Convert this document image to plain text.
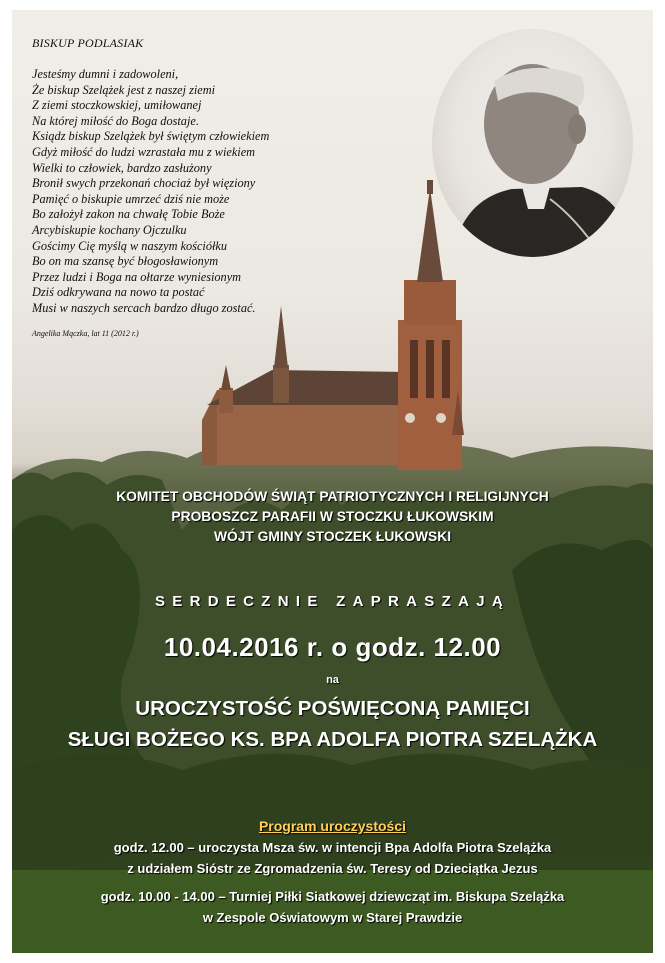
BISKUP PODLASIAK
Jesteśmy dumni i zadowoleni,
Że biskup Szelążek jest z naszej ziemi
Z ziemi stoczkowskiej, umiłowanej
Na której miłość do Boga dostaje.
Ksiądz biskup Szelążek był świętym człowiekiem
Gdyż miłość do ludzi wzrastała mu z wiekiem
Wielki to człowiek, bardzo zasłużony
Bronił swych przekonań chociaż był więziony
Pamięć o biskupie umrzeć dziś nie może
Bo założył zakon na chwałę Tobie Boże
Arcybiskupie kochany Ojczulku
Gościmy Cię myślą w naszym kościółku
Bo on ma szansę być błogosławionym
Przez ludzi i Boga na ołtarze wyniesionym
Dziś odkrywana na nowo ta postać
Musi w naszych sercach bardzo długo zostać.
Angelika Mączka, lat 11 (2012 r.)
KOMITET OBCHODÓW ŚWIĄT PATRIOTYCZNYCH I RELIGIJNYCH
PROBOSZCZ PARAFII W STOCZKU ŁUKOWSKIM
WÓJT GMINY STOCZEK ŁUKOWSKI
SERDECZNIE ZAPRASZAJĄ
10.04.2016 r. o godz. 12.00
na
UROCZYSTOŚĆ POŚWIĘCONĄ PAMIĘCI
SŁUGI BOŻEGO KS. BPA ADOLFA PIOTRA SZELĄŻKA
Program uroczystości
godz. 12.00 – uroczysta Msza św. w intencji Bpa Adolfa Piotra Szelążka
z udziałem Sióstr ze Zgromadzenia św. Teresy od Dzieciątka Jezus
godz. 10.00 - 14.00 – Turniej Piłki Siatkowej dziewcząt im. Biskupa Szelążka
w Zespole Oświatowym w Starej Prawdzie
